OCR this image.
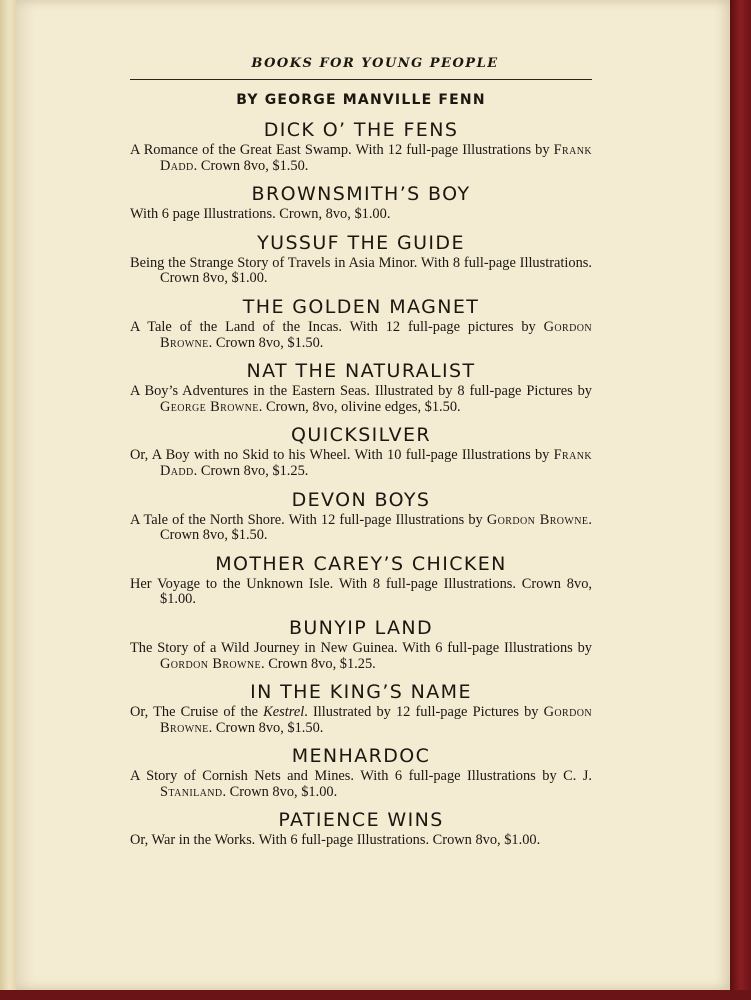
BOOKS FOR YOUNG PEOPLE
BY GEORGE MANVILLE FENN
DICK O’ THE FENS
A Romance of the Great East Swamp. With 12 full-page Illustrations by Frank Dadd. Crown 8vo, $1.50.
BROWNSMITH’S BOY
With 6 page Illustrations. Crown, 8vo, $1.00.
YUSSUF THE GUIDE
Being the Strange Story of Travels in Asia Minor. With 8 full-page Illustrations. Crown 8vo, $1.00.
THE GOLDEN MAGNET
A Tale of the Land of the Incas. With 12 full-page pictures by Gordon Browne. Crown 8vo, $1.50.
NAT THE NATURALIST
A Boy’s Adventures in the Eastern Seas. Illustrated by 8 full-page Pictures by George Browne. Crown, 8vo, olivine edges, $1.50.
QUICKSILVER
Or, A Boy with no Skid to his Wheel. With 10 full-page Illustrations by Frank Dadd. Crown 8vo, $1.25.
DEVON BOYS
A Tale of the North Shore. With 12 full-page Illustrations by Gordon Browne. Crown 8vo, $1.50.
MOTHER CAREY’S CHICKEN
Her Voyage to the Unknown Isle. With 8 full-page Illustrations. Crown 8vo, $1.00.
BUNYIP LAND
The Story of a Wild Journey in New Guinea. With 6 full-page Illustrations by Gordon Browne. Crown 8vo, $1.25.
IN THE KING’S NAME
Or, The Cruise of the Kestrel. Illustrated by 12 full-page Pictures by Gordon Browne. Crown 8vo, $1.50.
MENHARDOC
A Story of Cornish Nets and Mines. With 6 full-page Illustrations by C. J. Staniland. Crown 8vo, $1.00.
PATIENCE WINS
Or, War in the Works. With 6 full-page Illustrations. Crown 8vo, $1.00.
